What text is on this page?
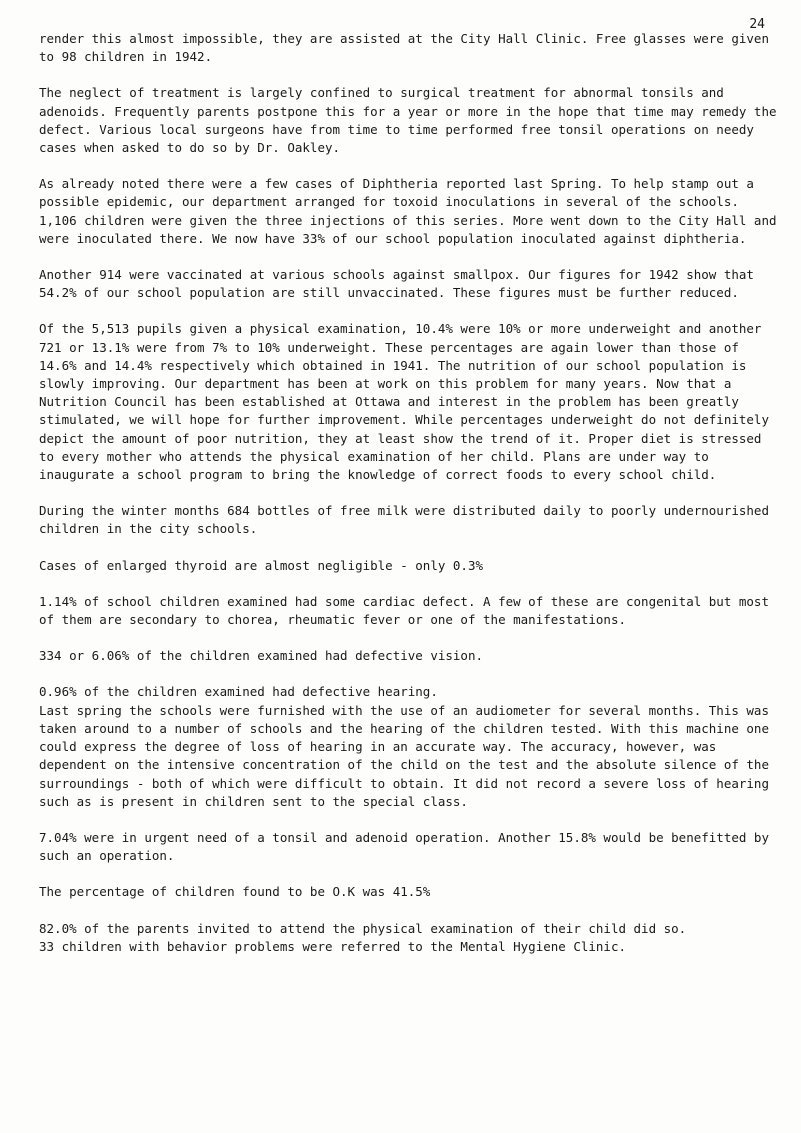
24

render this almost impossible, they are assisted at the City Hall Clinic. Free glasses were given to 98 children in 1942.

The neglect of treatment is largely confined to surgical treatment for abnormal tonsils and adenoids. Frequently parents postpone this for a year or more in the hope that time may remedy the defect. Various local surgeons have from time to time performed free tonsil operations on needy cases when asked to do so by Dr. Oakley.

As already noted there were a few cases of Diphtheria reported last Spring. To help stamp out a possible epidemic, our department arranged for toxoid inoculations in several of the schools. 1,106 children were given the three injections of this series. More went down to the City Hall and were inoculated there. We now have 33% of our school population inoculated against diphtheria.

Another 914 were vaccinated at various schools against smallpox. Our figures for 1942 show that 54.2% of our school population are still unvaccinated. These figures must be further reduced.

Of the 5,513 pupils given a physical examination, 10.4% were 10% or more underweight and another 721 or 13.1% were from 7% to 10% underweight. These percentages are again lower than those of 14.6% and 14.4% respectively which obtained in 1941. The nutrition of our school population is slowly improving. Our department has been at work on this problem for many years. Now that a Nutrition Council has been established at Ottawa and interest in the problem has been greatly stimulated, we will hope for further improvement. While percentages underweight do not definitely depict the amount of poor nutrition, they at least show the trend of it. Proper diet is stressed to every mother who attends the physical examination of her child. Plans are under way to inaugurate a school program to bring the knowledge of correct foods to every school child.

During the winter months 684 bottles of free milk were distributed daily to poorly undernourished children in the city schools.

Cases of enlarged thyroid are almost negligible - only 0.3%

1.14% of school children examined had some cardiac defect. A few of these are congenital but most of them are secondary to chorea, rheumatic fever or one of the manifestations.

334 or 6.06% of the children examined had defective vision.

0.96% of the children examined had defective hearing.

Last spring the schools were furnished with the use of an audiometer for several months. This was taken around to a number of schools and the hearing of the children tested. With this machine one could express the degree of loss of hearing in an accurate way. The accuracy, however, was dependent on the intensive concentration of the child on the test and the absolute silence of the surroundings - both of which were difficult to obtain. It did not record a severe loss of hearing such as is present in children sent to the special class.

7.04% were in urgent need of a tonsil and adenoid operation. Another 15.8% would be benefitted by such an operation.

The percentage of children found to be O.K was 41.5%

82.0% of the parents invited to attend the physical examination of their child did so.

33 children with behavior problems were referred to the Mental Hygiene Clinic.
